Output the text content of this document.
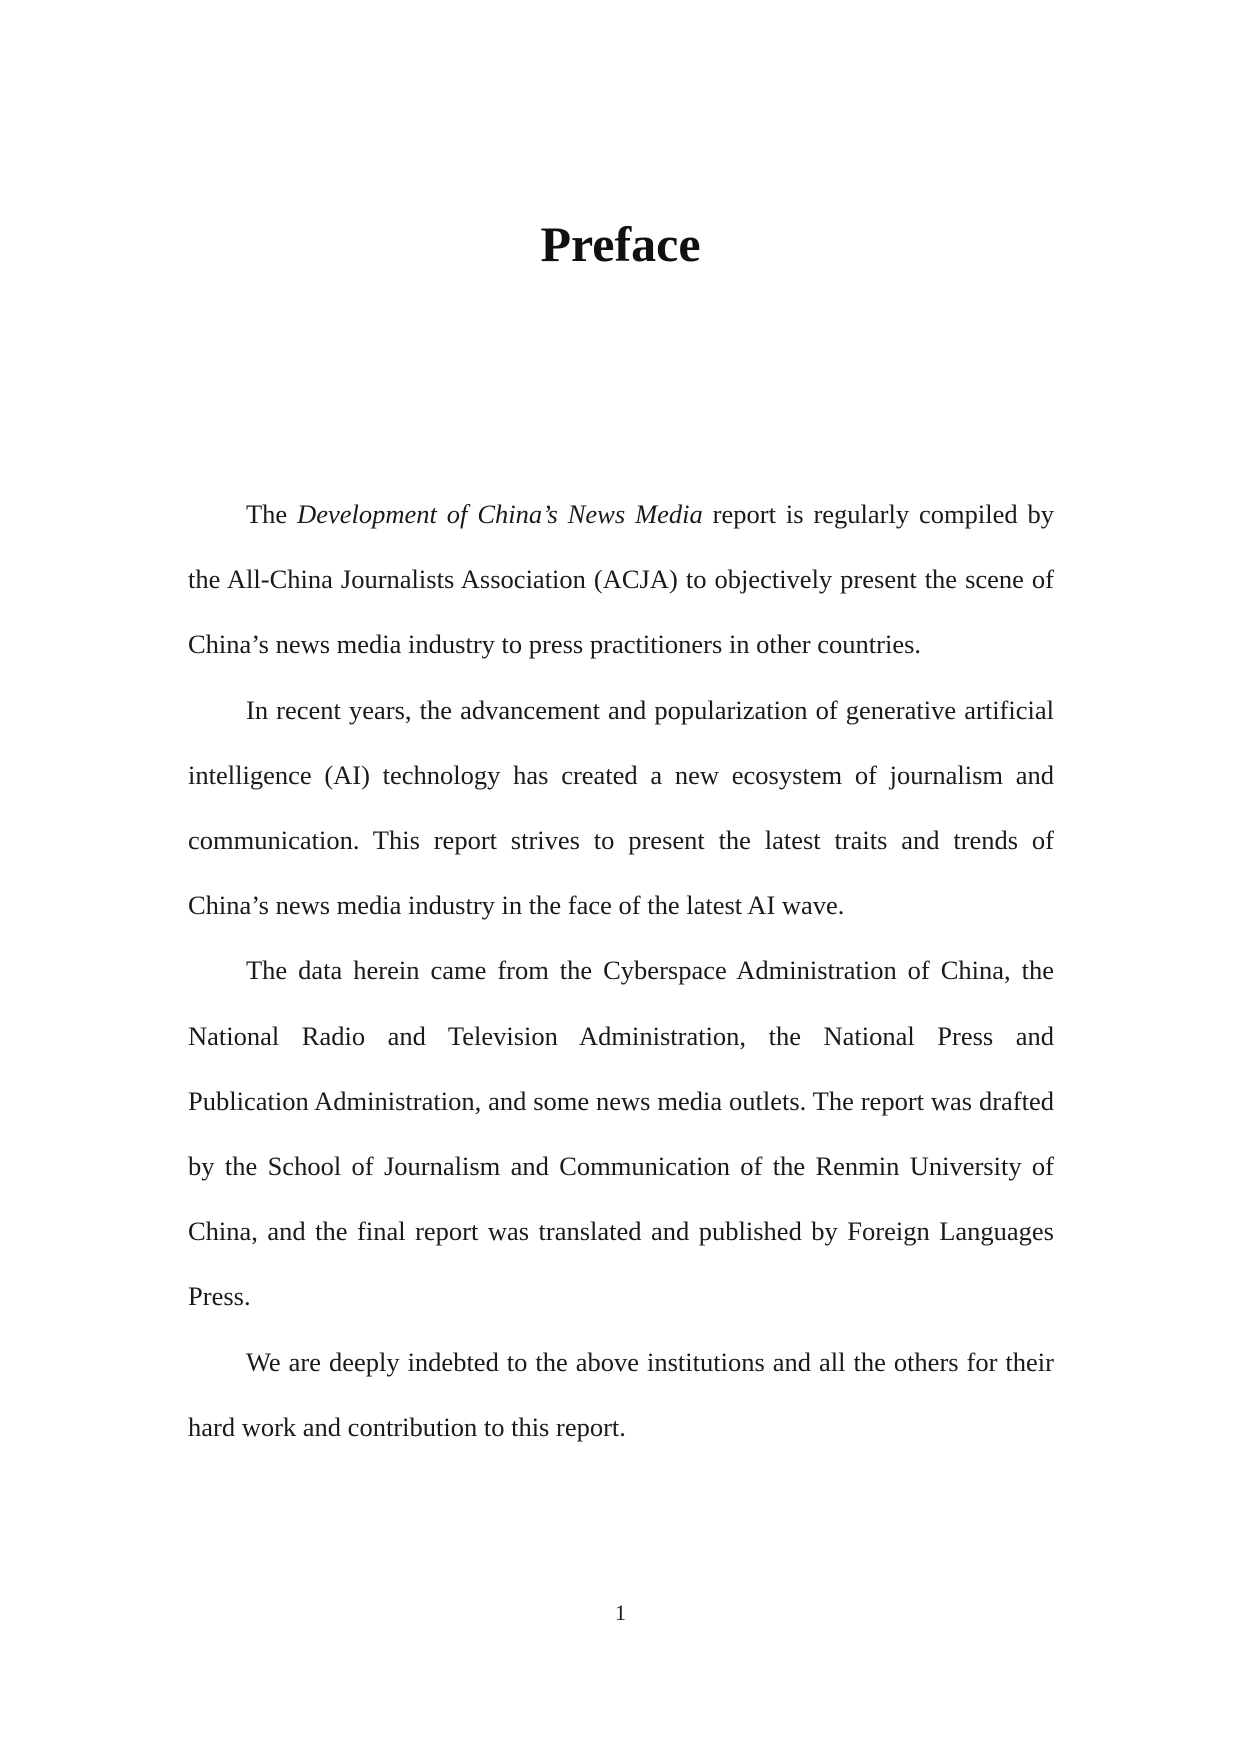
Preface

The Development of China’s News Media report is regularly compiled by the All-China Journalists Association (ACJA) to objectively present the scene of China’s news media industry to press practitioners in other countries.

In recent years, the advancement and popularization of generative artificial intelligence (AI) technology has created a new ecosystem of journalism and communication. This report strives to present the latest traits and trends of China’s news media industry in the face of the latest AI wave.

The data herein came from the Cyberspace Administration of China, the National Radio and Television Administration, the National Press and Publication Administration, and some news media outlets. The report was drafted by the School of Journalism and Communication of the Renmin University of China, and the final report was translated and published by Foreign Languages Press.

We are deeply indebted to the above institutions and all the others for their hard work and contribution to this report.

1
